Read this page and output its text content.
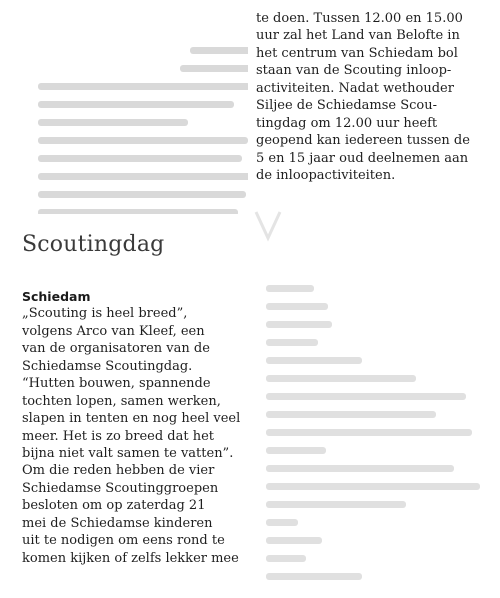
Scoutingdag
Schiedam
„Scouting is heel breed”,
volgens Arco van Kleef, een
van de organisatoren van de
Schiedamse Scoutingdag.
“Hutten bouwen, spannende
tochten lopen, samen werken,
slapen in tenten en nog heel veel
meer. Het is zo breed dat het
bijna niet valt samen te vatten”.
Om die reden hebben de vier
Schiedamse Scoutinggroepen
besloten om op zaterdag 21
mei de Schiedamse kinderen
uit te nodigen om eens rond te
komen kijken of zelfs lekker mee
te doen. Tussen 12.00 en 15.00
uur zal het Land van Belofte in
het centrum van Schiedam bol
staan van de Scouting inloop-
activiteiten. Nadat wethouder
Siljee de Schiedamse Scou-
tingdag om 12.00 uur heeft
geopend kan iedereen tussen de
5 en 15 jaar oud deelnemen aan
de inloopactiviteiten.
